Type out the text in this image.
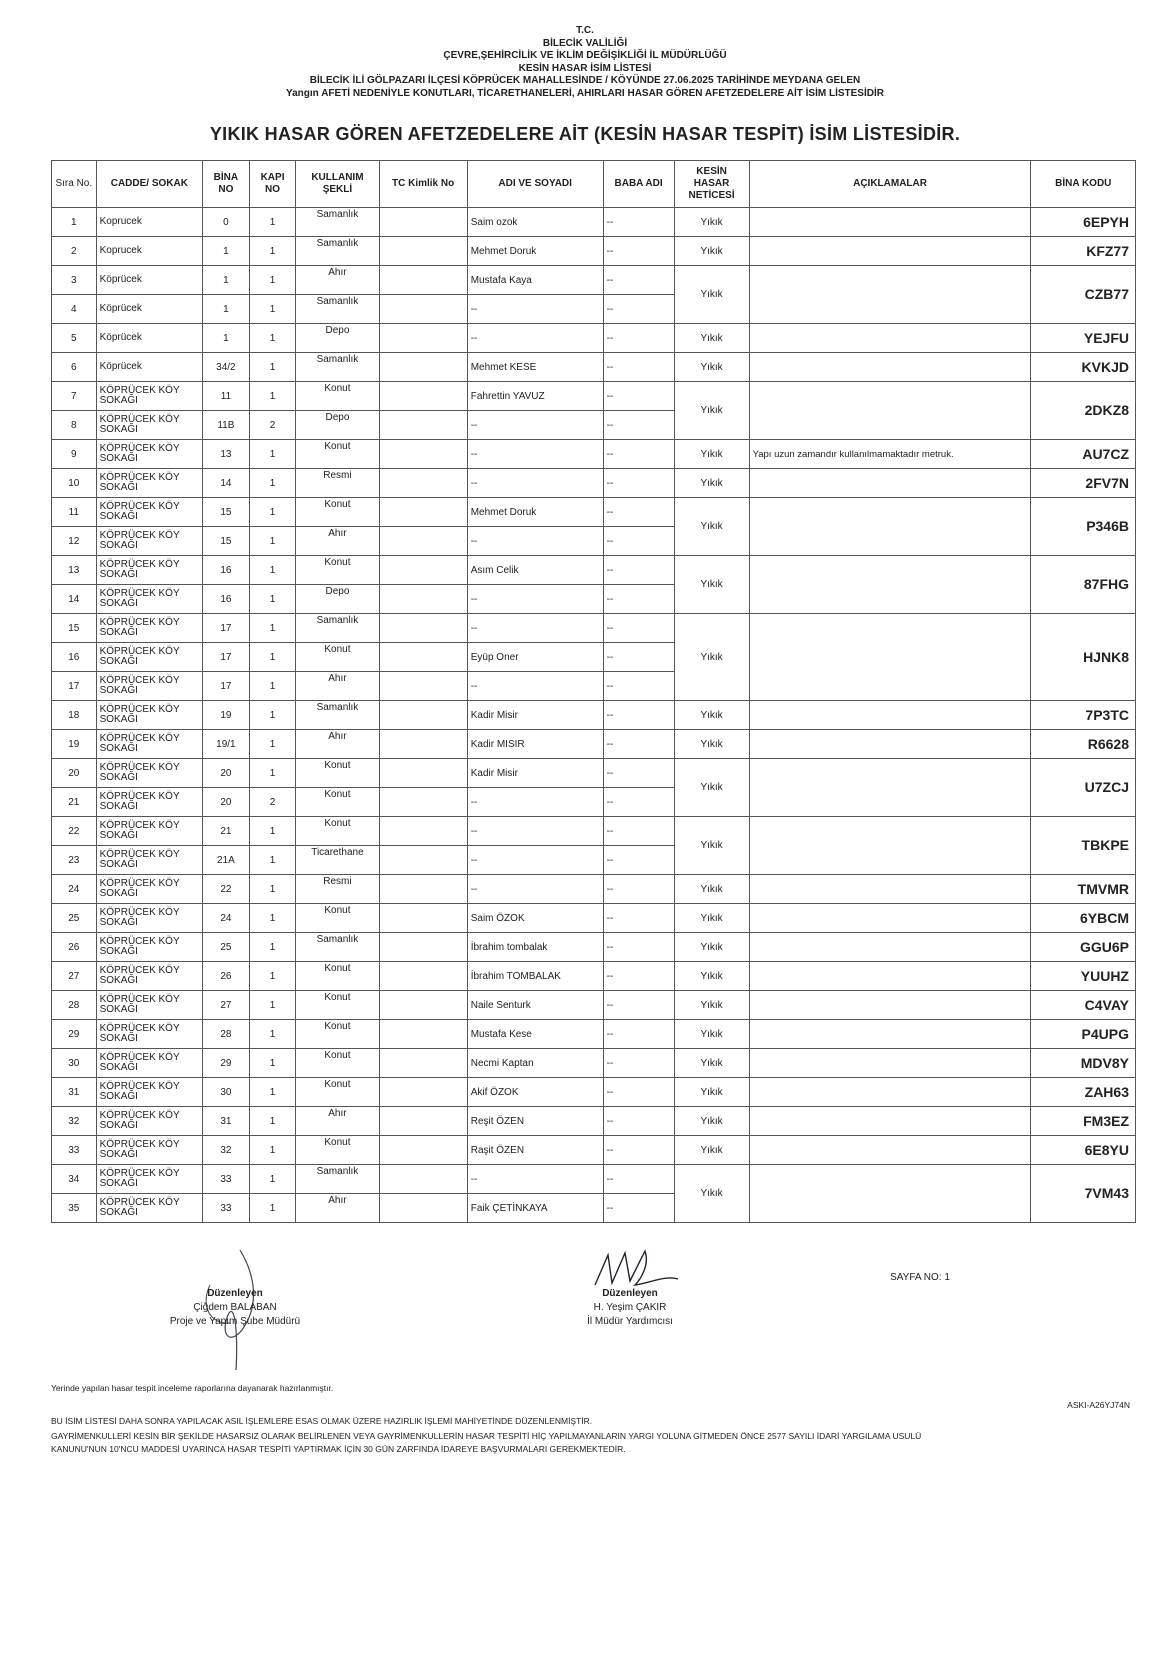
T.C.
BİLECİK VALİLİĞİ
ÇEVRE,ŞEHİRCİLİK VE İKLİM DEĞİŞİKLİĞİ İL MÜDÜRLÜĞÜ
KESİN HASAR İSİM LİSTESİ
BİLECİK İLİ GÖLPAZARI İLÇESİ KÖPRÜCEK MAHALLESİNDE / KÖYÜNDE 27.06.2025 TARİHİNDE MEYDANA GELEN
Yangın AFETİ NEDENİYLE KONUTLARI, TİCARETHANELERİ, AHIRLARI HASAR GÖREN AFETZEDELERE AİT İSİM LİSTESİDİR
YIKIK HASAR GÖREN AFETZEDELERE AİT (KESİN HASAR TESPİT) İSİM LİSTESİDİR.
Sıra No.	CADDE/ SOKAK	BİNA NO	KAPI NO	KULLANIM ŞEKLİ	TC Kimlik No	ADI VE SOYADI	BABA ADI	KESİN HASAR NETİCESİ	AÇIKLAMALAR	BİNA KODU
1	Koprucek	0	1	Samanlık		Saim ozok	--	Yıkık		6EPYH
2	Koprucek	1	1	Samanlık		Mehmet Doruk	--	Yıkık		KFZ77
3	Köprücek	1	1	Ahır		Mustafa Kaya	--	Yıkık		CZB77
4	Köprücek	1	1	Samanlık		--	--			
5	Köprücek	1	1	Depo		--	--	Yıkık		YEJFU
6	Köprücek	34/2	1	Samanlık		Mehmet KESE	--	Yıkık		KVKJD
7	KÖPRÜCEK KÖY SOKAĞI	11	1	Konut		Fahrettin YAVUZ	--	Yıkık		2DKZ8
8	KÖPRÜCEK KÖY SOKAĞI	11B	2	Depo		--	--			
9	KÖPRÜCEK KÖY SOKAĞI	13	1	Konut		--	--	Yıkık	Yapı uzun zamandır kullanılmamaktadır metruk.	AU7CZ
10	KÖPRÜCEK KÖY SOKAĞI	14	1	Resmi		--	--	Yıkık		2FV7N
11	KÖPRÜCEK KÖY SOKAĞI	15	1	Konut		Mehmet Doruk	--	Yıkık		P346B
12	KÖPRÜCEK KÖY SOKAĞI	15	1	Ahır		--	--			
13	KÖPRÜCEK KÖY SOKAĞI	16	1	Konut		Asım Celik	--	Yıkık		87FHG
14	KÖPRÜCEK KÖY SOKAĞI	16	1	Depo		--	--			
15	KÖPRÜCEK KÖY SOKAĞI	17	1	Samanlık		--	--	Yıkık		HJNK8
16	KÖPRÜCEK KÖY SOKAĞI	17	1	Konut		Eyüp Oner	--			
17	KÖPRÜCEK KÖY SOKAĞI	17	1	Ahır		--	--			
18	KÖPRÜCEK KÖY SOKAĞI	19	1	Samanlık		Kadir Misir	--	Yıkık		7P3TC
19	KÖPRÜCEK KÖY SOKAĞI	19/1	1	Ahır		Kadir MISIR	--	Yıkık		R6628
20	KÖPRÜCEK KÖY SOKAĞI	20	1	Konut		Kadir Misir	--	Yıkık		U7ZCJ
21	KÖPRÜCEK KÖY SOKAĞI	20	2	Konut		--	--			
22	KÖPRÜCEK KÖY SOKAĞI	21	1	Konut		--	--	Yıkık		TBKPE
23	KÖPRÜCEK KÖY SOKAĞI	21A	1	Ticarethane		--	--			
24	KÖPRÜCEK KÖY SOKAĞI	22	1	Resmi		--	--	Yıkık		TMVMR
25	KÖPRÜCEK KÖY SOKAĞI	24	1	Konut		Saim ÖZOK	--	Yıkık		6YBCM
26	KÖPRÜCEK KÖY SOKAĞI	25	1	Samanlık		İbrahim tombalak	--	Yıkık		GGU6P
27	KÖPRÜCEK KÖY SOKAĞI	26	1	Konut		İbrahim TOMBALAK	--	Yıkık		YUUHZ
28	KÖPRÜCEK KÖY SOKAĞI	27	1	Konut		Naile Senturk	--	Yıkık		C4VAY
29	KÖPRÜCEK KÖY SOKAĞI	28	1	Konut		Mustafa Kese	--	Yıkık		P4UPG
30	KÖPRÜCEK KÖY SOKAĞI	29	1	Konut		Necmi Kaptan	--	Yıkık		MDV8Y
31	KÖPRÜCEK KÖY SOKAĞI	30	1	Konut		Akif ÖZOK	--	Yıkık		ZAH63
32	KÖPRÜCEK KÖY SOKAĞI	31	1	Ahır		Reşit ÖZEN	--	Yıkık		FM3EZ
33	KÖPRÜCEK KÖY SOKAĞI	32	1	Konut		Raşit ÖZEN	--	Yıkık		6E8YU
34	KÖPRÜCEK KÖY SOKAĞI	33	1	Samanlık		--	--	Yıkık		7VM43
35	KÖPRÜCEK KÖY SOKAĞI	33	1	Ahır		Faik ÇETİNKAYA	--			
Düzenleyen
Çiğdem BALABAN
Proje ve Yapım Şube Müdürü
Düzenleyen
H. Yeşim ÇAKIR
İl Müdür Yardımcısı
SAYFA NO: 1
Yerinde yapılan hasar tespit inceleme raporlarına dayanarak hazırlanmıştır.
ASKI-A26YJ74N
BU İSİM LİSTESİ DAHA SONRA YAPILACAK ASIL İŞLEMLERE ESAS OLMAK ÜZERE HAZIRLIK İŞLEMİ MAHİYETİNDE DÜZENLENMİŞTİR.
GAYRİMENKULLERİ KESİN BİR ŞEKİLDE HASARSIZ OLARAK BELİRLENEN VEYA GAYRİMENKULLERİN HASAR TESPİTİ HİÇ YAPILMAYANLARIN YARGI YOLUNA GİTMEDEN ÖNCE 2577 SAYILI İDARİ YARGILAMA USULÜ
KANUNU'NUN 10'NCU MADDESİ UYARINCA HASAR TESPİTİ YAPTIRMAK İÇİN 30 GÜN ZARFINDA İDAREYE BAŞVURMALARI GEREKMEKTEDİR.
